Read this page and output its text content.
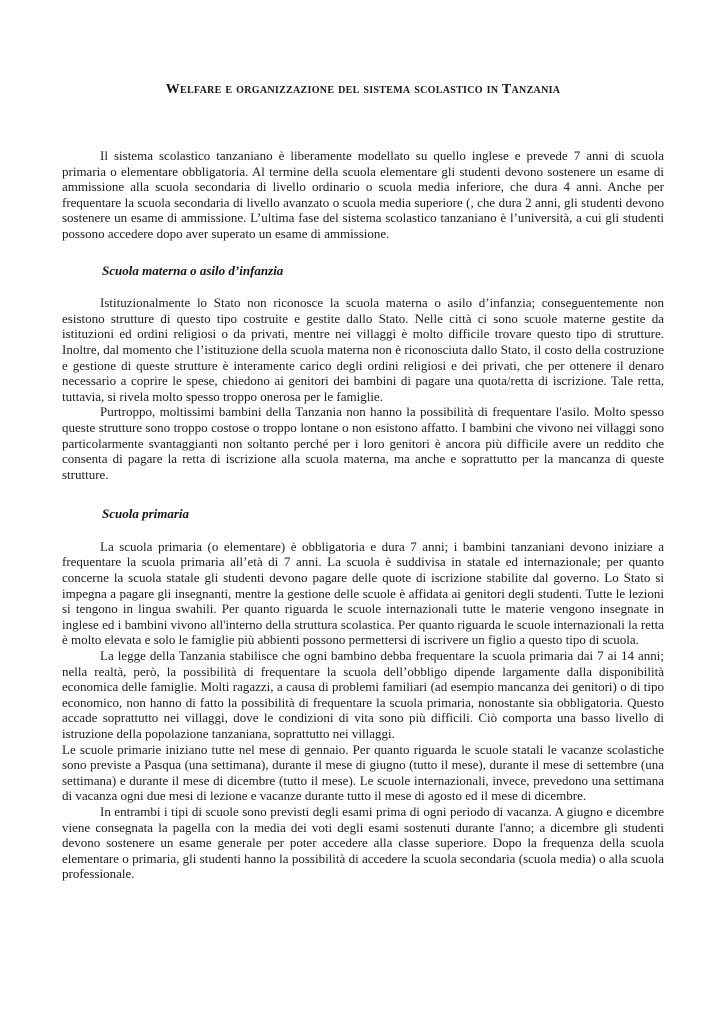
Welfare e organizzazione del sistema scolastico in Tanzania

Il sistema scolastico tanzaniano è liberamente modellato su quello inglese e prevede 7 anni di scuola primaria o elementare obbligatoria. Al termine della scuola elementare gli studenti devono sostenere un esame di ammissione alla scuola secondaria di livello ordinario o scuola media inferiore, che dura 4 anni. Anche per frequentare la scuola secondaria di livello avanzato o scuola media superiore (, che dura 2 anni, gli studenti devono sostenere un esame di ammissione. L’ultima fase del sistema scolastico tanzaniano è l’università, a cui gli studenti possono accedere dopo aver superato un esame di ammissione.

Scuola materna o asilo d’infanzia

Istituzionalmente lo Stato non riconosce la scuola materna o asilo d’infanzia; conseguentemente non esistono strutture di questo tipo costruite e gestite dallo Stato. Nelle città ci sono scuole materne gestite da istituzioni ed ordini religiosi o da privati, mentre nei villaggi è molto difficile trovare questo tipo di strutture. Inoltre, dal momento che l’istituzione della scuola materna non è riconosciuta dallo Stato, il costo della costruzione e gestione di queste strutture è interamente carico degli ordini religiosi e dei privati, che per ottenere il denaro necessario a coprire le spese, chiedono ai genitori dei bambini di pagare una quota/retta di iscrizione. Tale retta, tuttavia, si rivela molto spesso troppo onerosa per le famiglie.

Purtroppo, moltissimi bambini della Tanzania non hanno la possibilità di frequentare l'asilo. Molto spesso queste strutture sono troppo costose o troppo lontane o non esistono affatto. I bambini che vivono nei villaggi sono particolarmente svantaggianti non soltanto perché per i loro genitori è ancora più difficile avere un reddito che consenta di pagare la retta di iscrizione alla scuola materna, ma anche e soprattutto per la mancanza di queste strutture.

Scuola primaria

La scuola primaria (o elementare) è obbligatoria e dura 7 anni; i bambini tanzaniani devono iniziare a frequentare la scuola primaria all’età di 7 anni. La scuola è suddivisa in statale ed internazionale; per quanto concerne la scuola statale gli studenti devono pagare delle quote di iscrizione stabilite dal governo. Lo Stato si impegna a pagare gli insegnanti, mentre la gestione delle scuole è affidata ai genitori degli studenti. Tutte le lezioni si tengono in lingua swahili. Per quanto riguarda le scuole internazionali tutte le materie vengono insegnate in inglese ed i bambini vivono all'interno della struttura scolastica. Per quanto riguarda le scuole internazionali la retta è molto elevata e solo le famiglie più abbienti possono permettersi di iscrivere un figlio a questo tipo di scuola.

La legge della Tanzania stabilisce che ogni bambino debba frequentare la scuola primaria dai 7 ai 14 anni; nella realtà, però, la possibilità di frequentare la scuola dell’obbligo dipende largamente dalla disponibilità economica delle famiglie. Molti ragazzi, a causa di problemi familiari (ad esempio mancanza dei genitori) o di tipo economico, non hanno di fatto la possibilità di frequentare la scuola primaria, nonostante sia obbligatoria. Questo accade soprattutto nei villaggi, dove le condizioni di vita sono più difficili. Ciò comporta una basso livello di istruzione della popolazione tanzaniana, soprattutto nei villaggi.

Le scuole primarie iniziano tutte nel mese di gennaio. Per quanto riguarda le scuole statali le vacanze scolastiche sono previste a Pasqua (una settimana), durante il mese di giugno (tutto il mese), durante il mese di settembre (una settimana) e durante il mese di dicembre (tutto il mese). Le scuole internazionali, invece, prevedono una settimana di vacanza ogni due mesi di lezione e vacanze durante tutto il mese di agosto ed il mese di dicembre.

In entrambi i tipi di scuole sono previsti degli esami prima di ogni periodo di vacanza. A giugno e dicembre viene consegnata la pagella con la media dei voti degli esami sostenuti durante l'anno; a dicembre gli studenti devono sostenere un esame generale per poter accedere alla classe superiore. Dopo la frequenza della scuola elementare o primaria, gli studenti hanno la possibilità di accedere la scuola secondaria (scuola media) o alla scuola professionale.
